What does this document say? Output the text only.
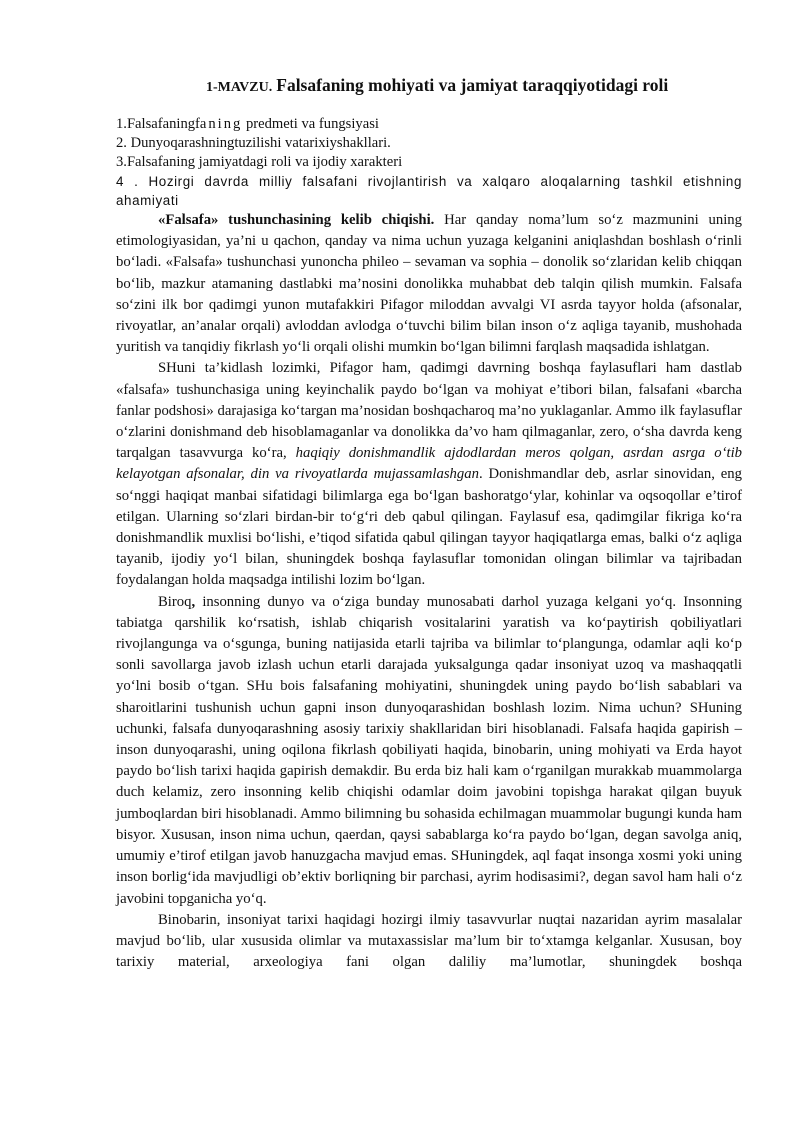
1-MAVZU. Falsafaning mohiyati va jamiyat taraqqiyotidagi roli

1.Falsafaningfaning predmeti va fungsiyasi

2. Dunyoqarashningtuzilishi vatarixiyshakllari.

3.Falsafaning jamiyatdagi roli va ijodiy xarakteri

4 . Hozirgi davrda milliy falsafani rivojlantirish va xalqaro aloqalarning tashkil etishning ahamiyati

«Falsafa» tushunchasining kelib chiqishi. Har qanday noma’lum so‘z mazmunini uning etimologiyasidan, ya’ni u qachon, qanday va nima uchun yuzaga kelganini aniqlashdan boshlash o‘rinli bo‘ladi. «Falsafa» tushunchasi yunoncha phileo – sevaman va sophia – donolik so‘zlaridan kelib chiqqan bo‘lib, mazkur atamaning dastlabki ma’nosini donolikka muhabbat deb talqin qilish mumkin. Falsafa so‘zini ilk bor qadimgi yunon mutafakkiri Pifagor miloddan avvalgi VI asrda tayyor holda (afsonalar, rivoyatlar, an’analar orqali) avloddan avlodga o‘tuvchi bilim bilan inson o‘z aqliga tayanib, mushohada yuritish va tanqidiy fikrlash yo‘li orqali olishi mumkin bo‘lgan bilimni farqlash maqsadida ishlatgan.

SHuni ta’kidlash lozimki, Pifagor ham, qadimgi davrning boshqa faylasuflari ham dastlab «falsafa» tushunchasiga uning keyinchalik paydo bo‘lgan va mohiyat e’tibori bilan, falsafani «barcha fanlar podshosi» darajasiga ko‘targan ma’nosidan boshqacharoq ma’no yuklaganlar. Ammo ilk faylasuflar o‘zlarini donishmand deb hisoblamaganlar va donolikka da’vo ham qilmaganlar, zero, o‘sha davrda keng tarqalgan tasavvurga ko‘ra, haqiqiy donishmandlik ajdodlardan meros qolgan, asrdan asrga o‘tib kelayotgan afsonalar, din va rivoyatlarda mujassamlashgan. Donishmandlar deb, asrlar sinovidan, eng so‘nggi haqiqat manbai sifatidagi bilimlarga ega bo‘lgan bashoratgo‘ylar, kohinlar va oqsoqollar e’tirof etilgan. Ularning so‘zlari birdan-bir to‘g‘ri deb qabul qilingan. Faylasuf esa, qadimgilar fikriga ko‘ra donishmandlik muxlisi bo‘lishi, e’tiqod sifatida qabul qilingan tayyor haqiqatlarga emas, balki o‘z aqliga tayanib, ijodiy yo‘l bilan, shuningdek boshqa faylasuflar tomonidan olingan bilimlar va tajribadan foydalangan holda maqsadga intilishi lozim bo‘lgan.

Biroq, insonning dunyo va o‘ziga bunday munosabati darhol yuzaga kelgani yo‘q. Insonning tabiatga qarshilik ko‘rsatish, ishlab chiqarish vositalarini yaratish va ko‘paytirish qobiliyatlari rivojlangunga va o‘sgunga, buning natijasida etarli tajriba va bilimlar to‘plangunga, odamlar aqli ko‘p sonli savollarga javob izlash uchun etarli darajada yuksalgunga qadar insoniyat uzoq va mashaqqatli yo‘lni bosib o‘tgan. SHu bois falsafaning mohiyatini, shuningdek uning paydo bo‘lish sabablari va sharoitlarini tushunish uchun gapni inson dunyoqarashidan boshlash lozim. Nima uchun? SHuning uchunki, falsafa dunyoqarashning asosiy tarixiy shakllaridan biri hisoblanadi. Falsafa haqida gapirish – inson dunyoqarashi, uning oqilona fikrlash qobiliyati haqida, binobarin, uning mohiyati va Erda hayot paydo bo‘lish tarixi haqida gapirish demakdir. Bu erda biz hali kam o‘rganilgan murakkab muammolarga duch kelamiz, zero insonning kelib chiqishi odamlar doim javobini topishga harakat qilgan buyuk jumboqlardan biri hisoblanadi. Ammo bilimning bu sohasida echilmagan muammolar bugungi kunda ham bisyor. Xususan, inson nima uchun, qaerdan, qaysi sabablarga ko‘ra paydo bo‘lgan, degan savolga aniq, umumiy e’tirof etilgan javob hanuzgacha mavjud emas. SHuningdek, aql faqat insonga xosmi yoki uning inson borlig‘ida mavjudligi ob’ektiv borliqning bir parchasi, ayrim hodisasimi?, degan savol ham hali o‘z javobini topganicha yo‘q.

Binobarin, insoniyat tarixi haqidagi hozirgi ilmiy tasavvurlar nuqtai nazaridan ayrim masalalar mavjud bo‘lib, ular xususida olimlar va mutaxassislar ma’lum bir to‘xtamga kelganlar. Xususan, boy tarixiy material, arxeologiya fani olgan daliliy ma’lumotlar, shuningdek boshqa
